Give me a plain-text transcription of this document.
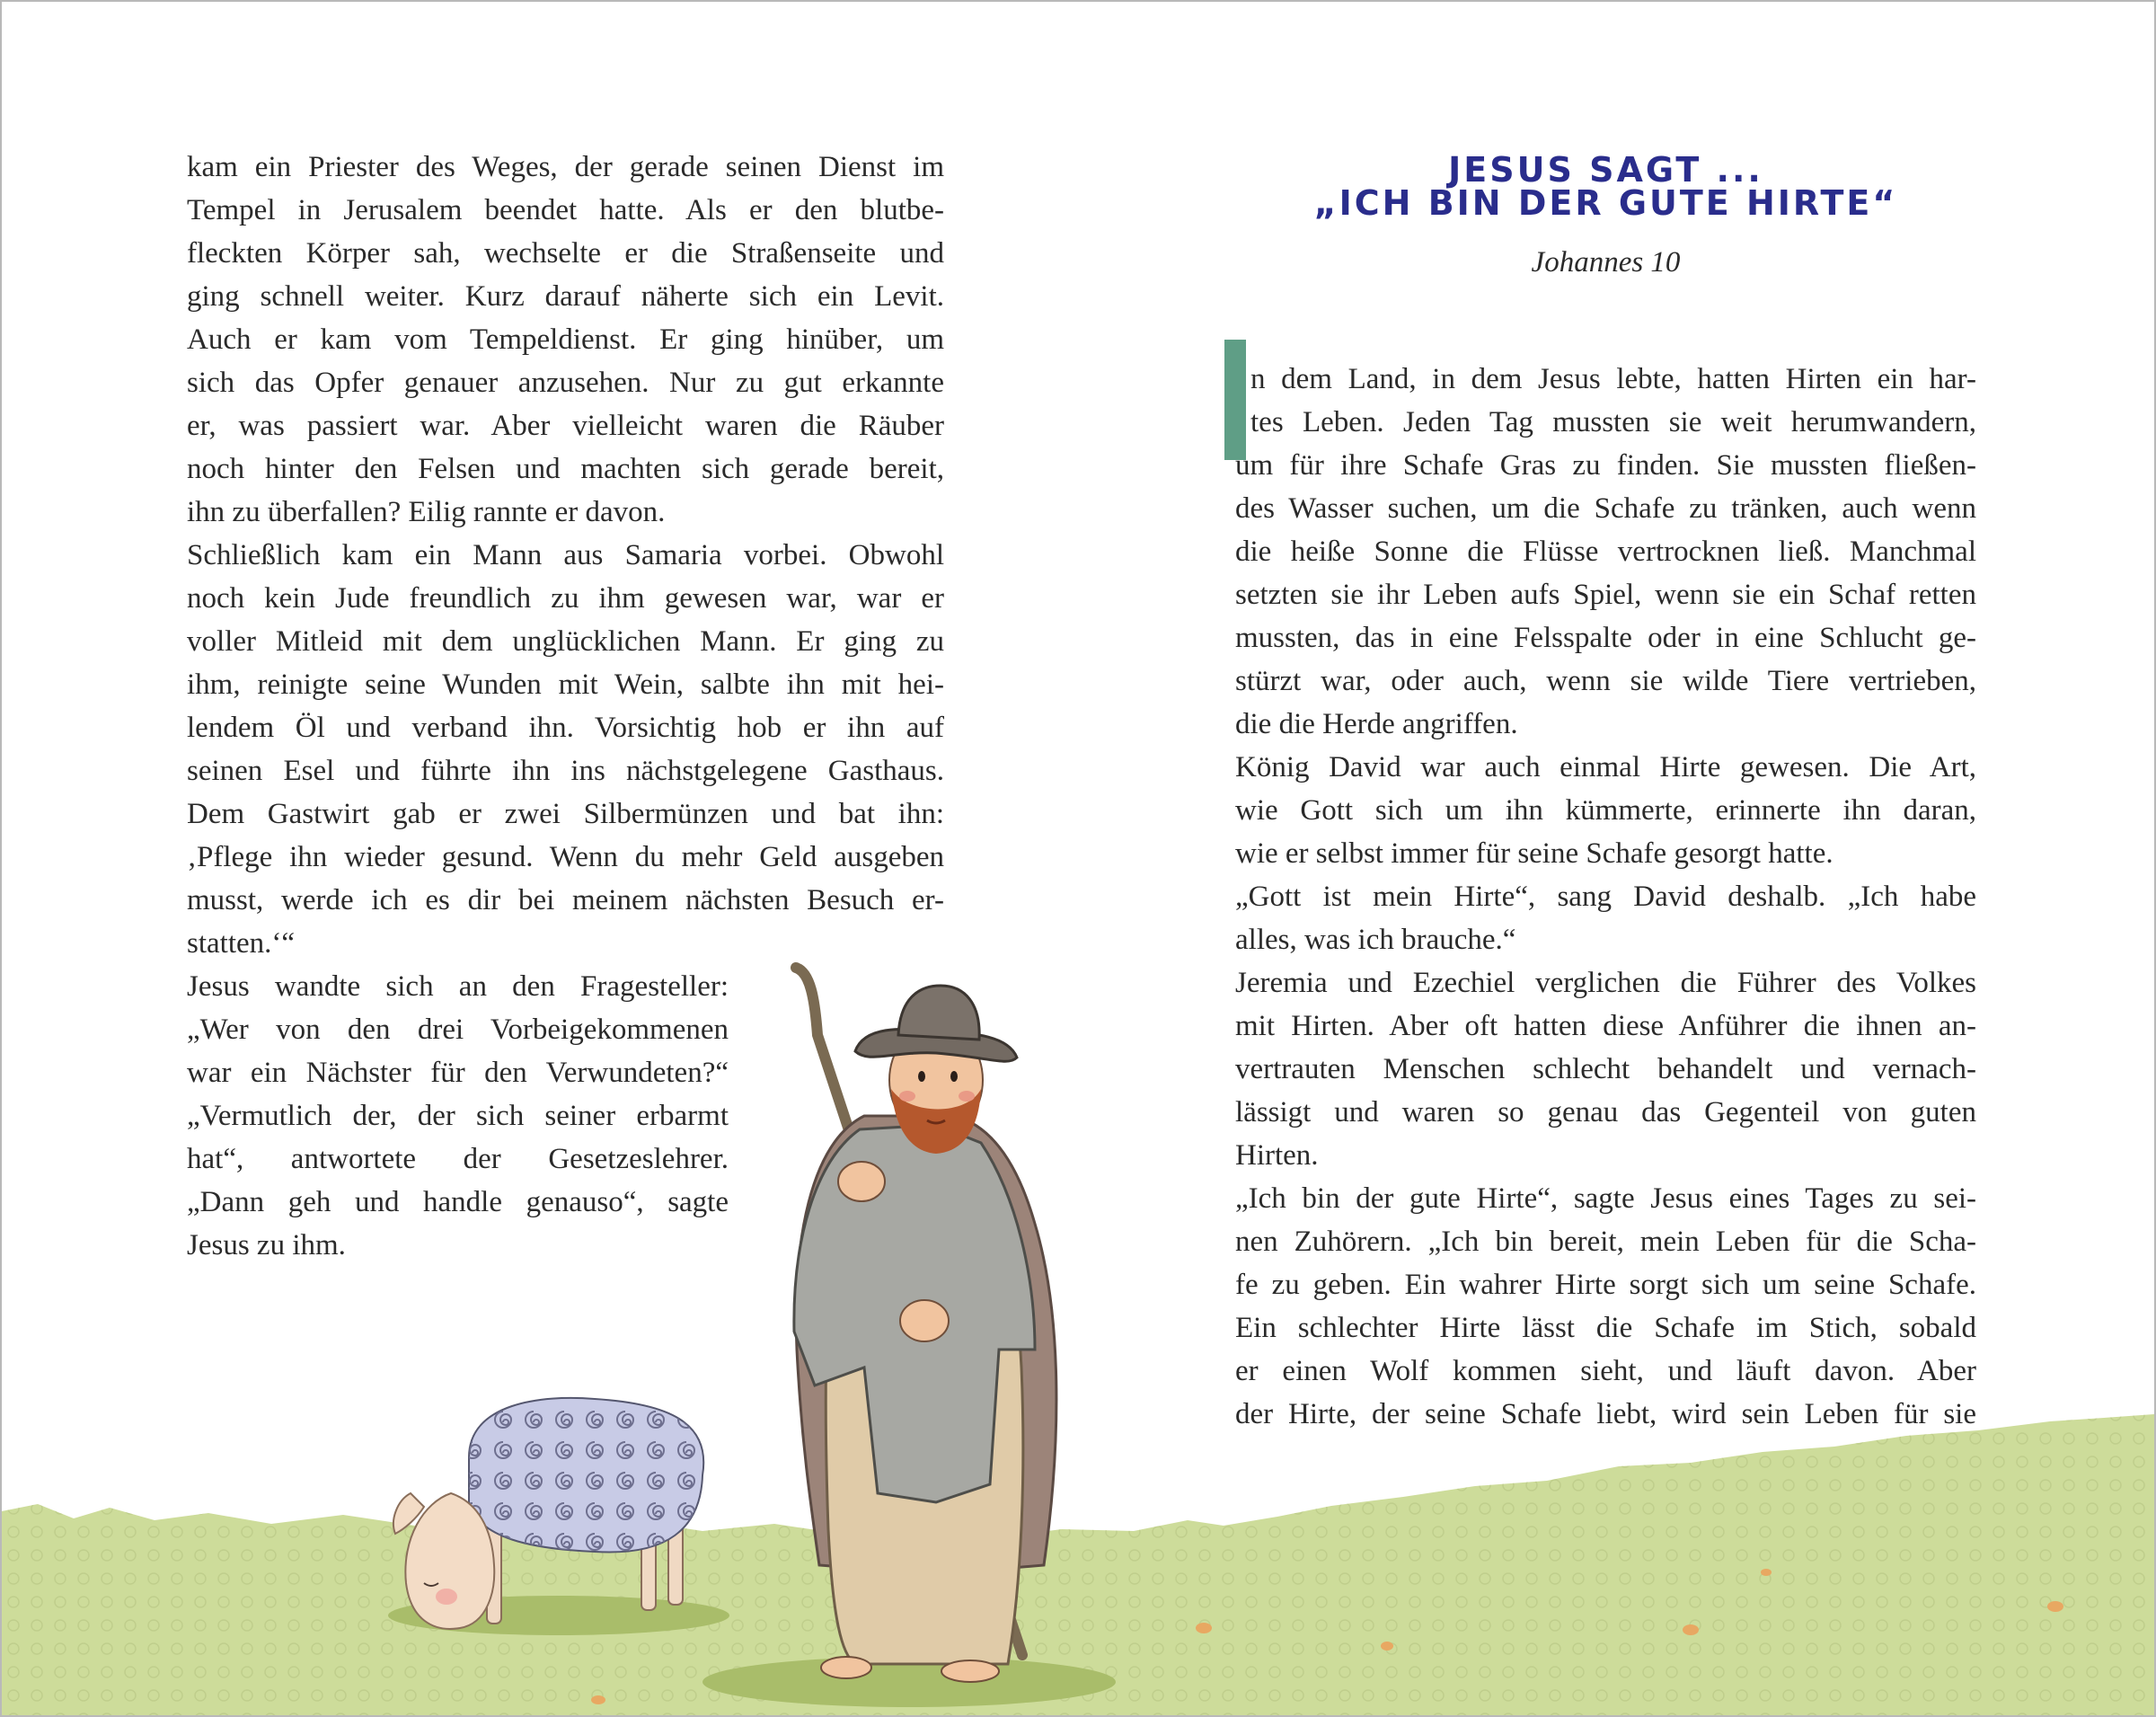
kam ein Priester des Weges, der gerade seinen Dienst im
Tempel in Jerusalem beendet hatte. Als er den blutbe-
fleckten Körper sah, wechselte er die Straßenseite und
ging schnell weiter. Kurz darauf näherte sich ein Levit.
Auch er kam vom Tempeldienst. Er ging hinüber, um
sich das Opfer genauer anzusehen. Nur zu gut erkannte
er, was passiert war. Aber vielleicht waren die Räuber
noch hinter den Felsen und machten sich gerade bereit,
ihn zu überfallen? Eilig rannte er davon.
Schließlich kam ein Mann aus Samaria vorbei. Obwohl
noch kein Jude freundlich zu ihm gewesen war, war er
voller Mitleid mit dem unglücklichen Mann. Er ging zu
ihm, reinigte seine Wunden mit Wein, salbte ihn mit hei-
lendem Öl und verband ihn. Vorsichtig hob er ihn auf
seinen Esel und führte ihn ins nächstgelegene Gasthaus.
Dem Gastwirt gab er zwei Silbermünzen und bat ihn:
‚Pflege ihn wieder gesund. Wenn du mehr Geld ausgeben
musst, werde ich es dir bei meinem nächsten Besuch er-
statten.‘“
Jesus wandte sich an den Fragesteller:
„Wer von den drei Vorbeigekommenen
war ein Nächster für den Verwundeten?“
„Vermutlich der, der sich seiner erbarmt
hat“, antwortete der Gesetzeslehrer.
„Dann geh und handle genauso“, sagte
Jesus zu ihm.
JESUS SAGT ...
„ICH BIN DER GUTE HIRTE“
Johannes 10
n dem Land, in dem Jesus lebte, hatten Hirten ein har-
tes Leben. Jeden Tag mussten sie weit herumwandern,
um für ihre Schafe Gras zu finden. Sie mussten fließen-
des Wasser suchen, um die Schafe zu tränken, auch wenn
die heiße Sonne die Flüsse vertrocknen ließ. Manchmal
setzten sie ihr Leben aufs Spiel, wenn sie ein Schaf retten
mussten, das in eine Felsspalte oder in eine Schlucht ge-
stürzt war, oder auch, wenn sie wilde Tiere vertrieben,
die die Herde angriffen.
König David war auch einmal Hirte gewesen. Die Art,
wie Gott sich um ihn kümmerte, erinnerte ihn daran,
wie er selbst immer für seine Schafe gesorgt hatte.
„Gott ist mein Hirte“, sang David deshalb. „Ich habe
alles, was ich brauche.“
Jeremia und Ezechiel verglichen die Führer des Volkes
mit Hirten. Aber oft hatten diese Anführer die ihnen an-
vertrauten Menschen schlecht behandelt und vernach-
lässigt und waren so genau das Gegenteil von guten
Hirten.
„Ich bin der gute Hirte“, sagte Jesus eines Tages zu sei-
nen Zuhörern. „Ich bin bereit, mein Leben für die Scha-
fe zu geben. Ein wahrer Hirte sorgt sich um seine Schafe.
Ein schlechter Hirte lässt die Schafe im Stich, sobald
er einen Wolf kommen sieht, und läuft davon. Aber
der Hirte, der seine Schafe liebt, wird sein Leben für sie
